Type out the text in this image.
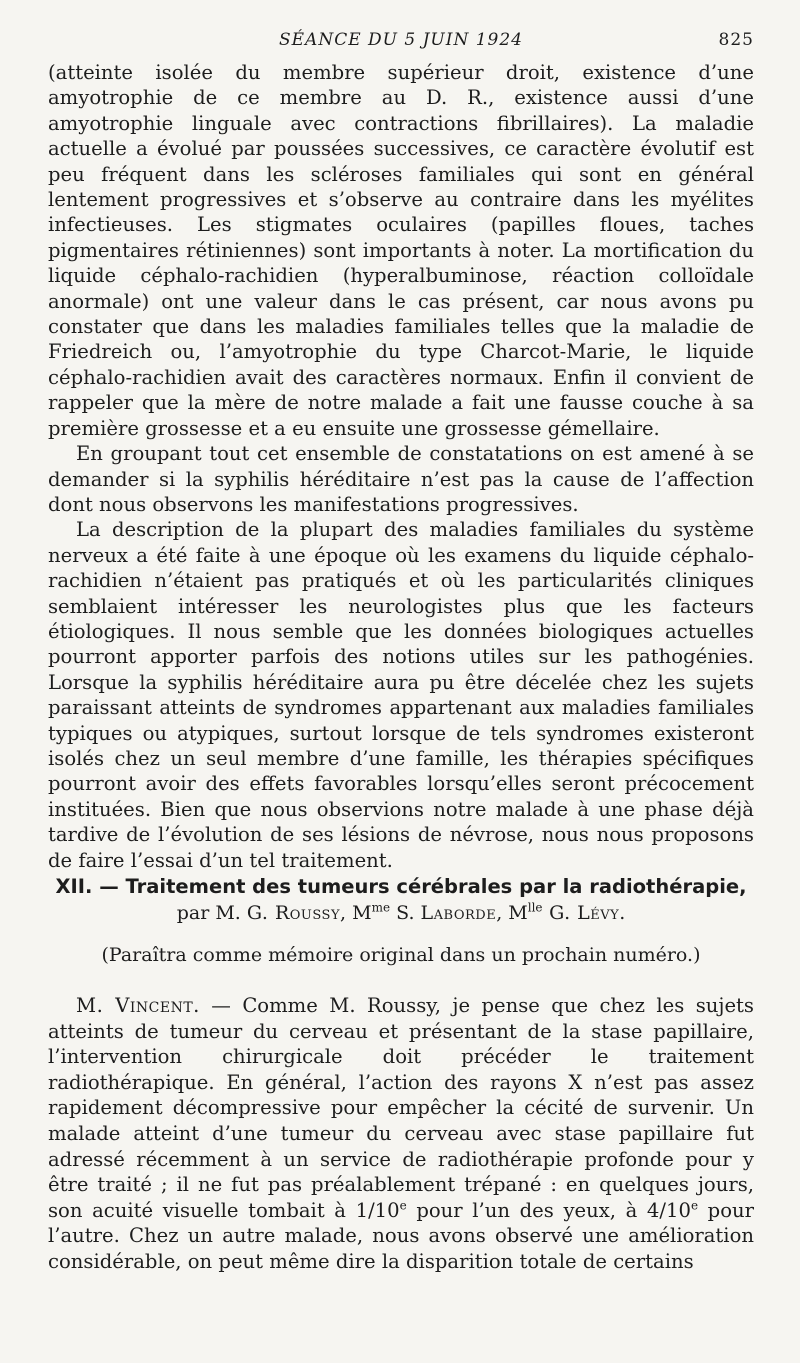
SÉANCE DU 5 JUIN 1924	825

(atteinte isolée du membre supérieur droit, existence d’une amyotrophie de ce membre au D. R., existence aussi d’une amyotrophie linguale avec contractions fibrillaires). La maladie actuelle a évolué par poussées successives, ce caractère évolutif est peu fréquent dans les scléroses familiales qui sont en général lentement progressives et s’observe au contraire dans les myélites infectieuses. Les stigmates oculaires (papilles floues, taches pigmentaires rétiniennes) sont importants à noter. La mortification du liquide céphalo-rachidien (hyperalbuminose, réaction colloïdale anormale) ont une valeur dans le cas présent, car nous avons pu constater que dans les maladies familiales telles que la maladie de Friedreich ou, l’amyotrophie du type Charcot-Marie, le liquide céphalo-rachidien avait des caractères normaux. Enfin il convient de rappeler que la mère de notre malade a fait une fausse couche à sa première grossesse et a eu ensuite une grossesse gémellaire.

En groupant tout cet ensemble de constatations on est amené à se demander si la syphilis héréditaire n’est pas la cause de l’affection dont nous observons les manifestations progressives.

La description de la plupart des maladies familiales du système nerveux a été faite à une époque où les examens du liquide céphalo-rachidien n’étaient pas pratiqués et où les particularités cliniques semblaient intéresser les neurologistes plus que les facteurs étiologiques. Il nous semble que les données biologiques actuelles pourront apporter parfois des notions utiles sur les pathogénies. Lorsque la syphilis héréditaire aura pu être décelée chez les sujets paraissant atteints de syndromes appartenant aux maladies familiales typiques ou atypiques, surtout lorsque de tels syndromes existeront isolés chez un seul membre d’une famille, les thérapies spécifiques pourront avoir des effets favorables lorsqu’elles seront précocement instituées. Bien que nous observions notre malade à une phase déjà tardive de l’évolution de ses lésions de névrose, nous nous proposons de faire l’essai d’un tel traitement.

XII. — Traitement des tumeurs cérébrales par la radiothérapie,
par M. G. Roussy, $M^{me}$ S. Laborde, $M^{lle}$ G. Lévy.
(Paraîtra comme mémoire original dans un prochain numéro.)

M. Vincent. — Comme M. Roussy, je pense que chez les sujets atteints de tumeur du cerveau et présentant de la stase papillaire, l’intervention chirurgicale doit précéder le traitement radiothérapique. En général, l’action des rayons X n’est pas assez rapidement décompressive pour empêcher la cécité de survenir. Un malade atteint d’une tumeur du cerveau avec stase papillaire fut adressé récemment à un service de radiothérapie profonde pour y être traité ; il ne fut pas préalablement trépané : en quelques jours, son acuité visuelle tombait à 1/10e pour l’un des yeux, à 4/10e pour l’autre. Chez un autre malade, nous avons observé une amélioration considérable, on peut même dire la disparition totale de certains
